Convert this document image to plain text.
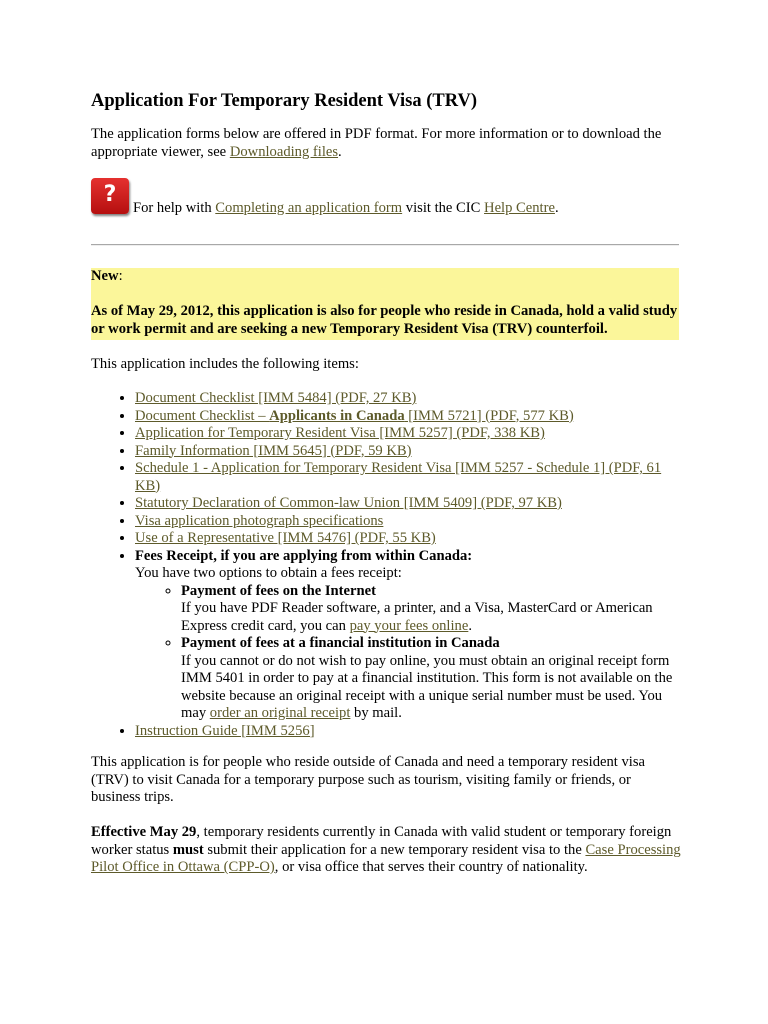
Application For Temporary Resident Visa (TRV)

The application forms below are offered in PDF format. For more information or to download the appropriate viewer, see Downloading files.

?

For help with Completing an application form visit the CIC Help Centre.

New:

As of May 29, 2012, this application is also for people who reside in Canada, hold a valid study or work permit and are seeking a new Temporary Resident Visa (TRV) counterfoil.

This application includes the following items:

• Document Checklist [IMM 5484] (PDF, 27 KB)
• Document Checklist – Applicants in Canada [IMM 5721] (PDF, 577 KB)
• Application for Temporary Resident Visa [IMM 5257] (PDF, 338 KB)
• Family Information [IMM 5645] (PDF, 59 KB)
• Schedule 1 - Application for Temporary Resident Visa [IMM 5257 - Schedule 1] (PDF, 61 KB)
• Statutory Declaration of Common-law Union [IMM 5409] (PDF, 97 KB)
• Visa application photograph specifications
• Use of a Representative [IMM 5476] (PDF, 55 KB)
• Fees Receipt, if you are applying from within Canada:
You have two options to obtain a fees receipt:
◦ Payment of fees on the Internet
If you have PDF Reader software, a printer, and a Visa, MasterCard or American Express credit card, you can pay your fees online.
◦ Payment of fees at a financial institution in Canada
If you cannot or do not wish to pay online, you must obtain an original receipt form IMM 5401 in order to pay at a financial institution. This form is not available on the website because an original receipt with a unique serial number must be used. You may order an original receipt by mail.
• Instruction Guide [IMM 5256]

This application is for people who reside outside of Canada and need a temporary resident visa (TRV) to visit Canada for a temporary purpose such as tourism, visiting family or friends, or business trips.

Effective May 29, temporary residents currently in Canada with valid student or temporary foreign worker status must submit their application for a new temporary resident visa to the Case Processing Pilot Office in Ottawa (CPP-O), or visa office that serves their country of nationality.
